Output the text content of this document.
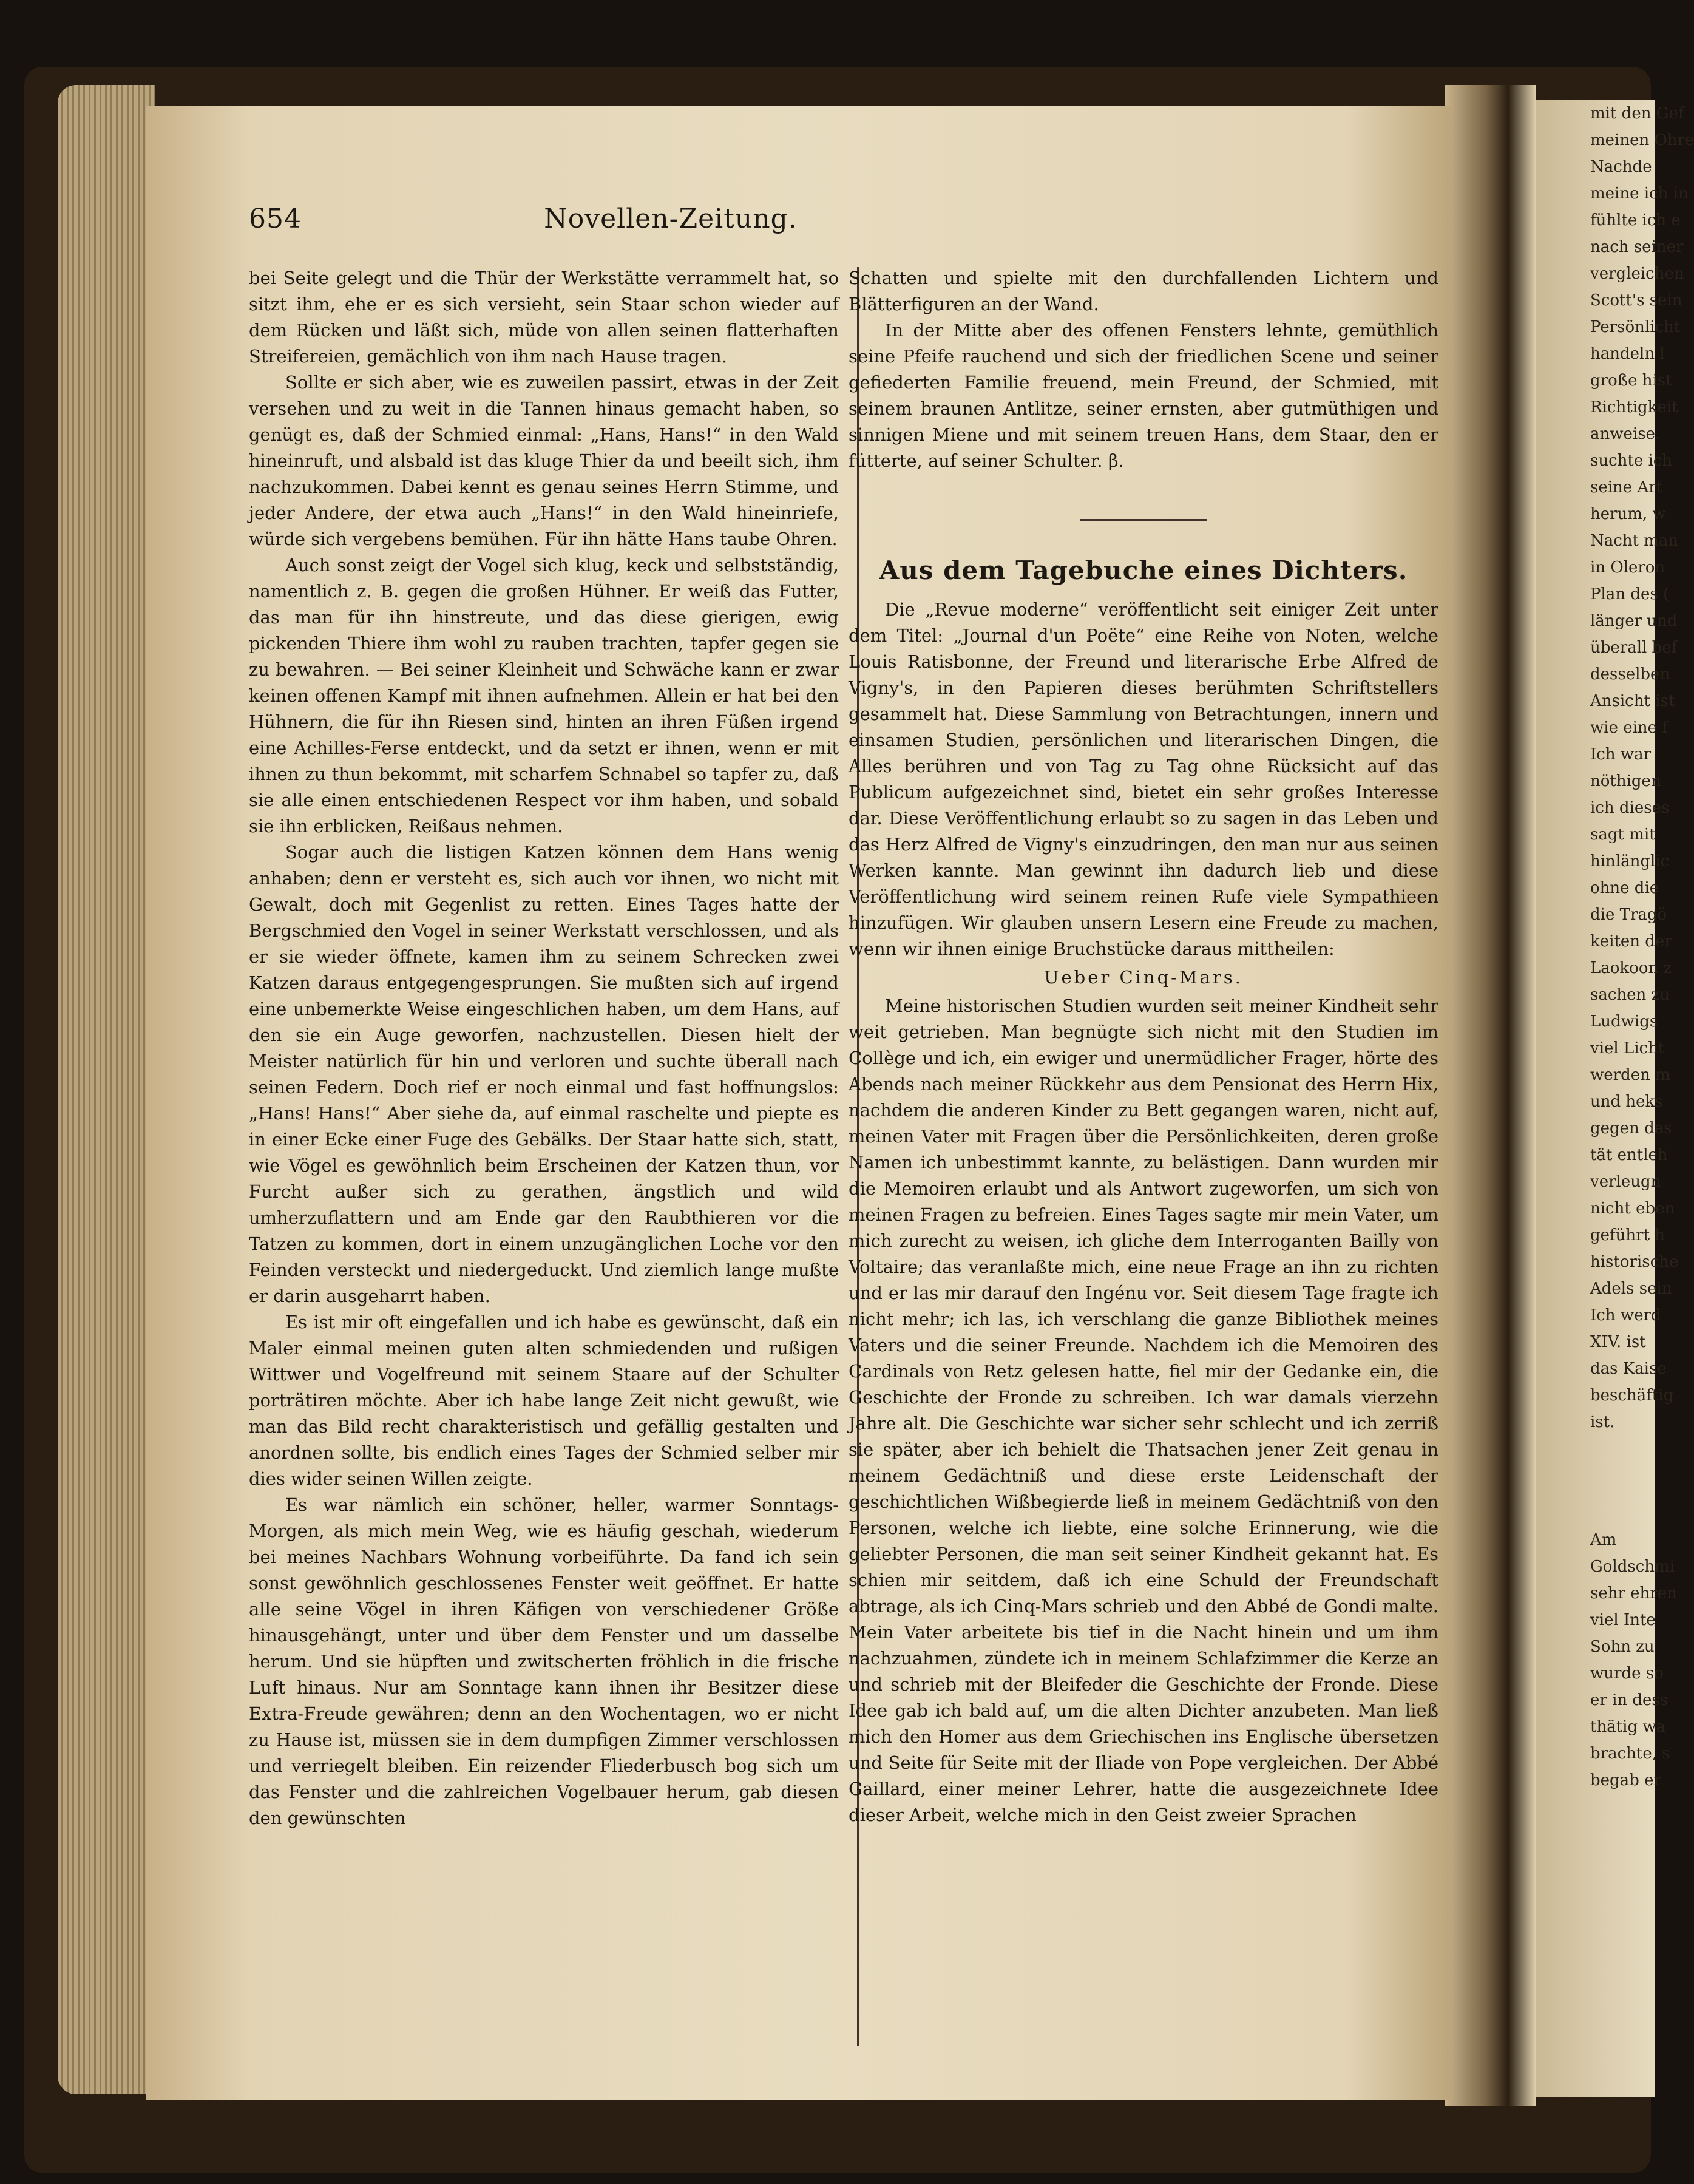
mit den Gef
meinen Ohre
Nachde
meine ich in
fühlte ich e
nach seiner
vergleichen
Scott's sein
Persönlicht
handeln l
große hist
Richtigkeit
anweise.
suchte ich
seine Art
herum, w
Nacht man
in Oleron
Plan des (
länger und
überall bef
desselben
Ansicht ist
wie eine f
Ich war
nöthigen
ich dieses
sagt mit
hinlänglic
ohne die
die Tragö
keiten der
Laokoon z
sachen zu
Ludwigs
viel Licht
werden m
und heks
gegen das
tät entleh
verleugn
nicht eben
geführt h
historische
Adels sein
Ich werd
XIV. ist
das Kaise
beschäftig
ist.
Am
Goldschmi
sehr ehren
viel Inte
Sohn zu
wurde so
er in dess
thätig wa
brachte, s
begab er
654	Novellen-Zeitung.

bei Seite gelegt und die Thür der Werkstätte verrammelt hat, so sitzt ihm, ehe er es sich versieht, sein Staar schon wieder auf dem Rücken und läßt sich, müde von allen seinen flatterhaften Streifereien, gemächlich von ihm nach Hause tragen.

Sollte er sich aber, wie es zuweilen passirt, etwas in der Zeit versehen und zu weit in die Tannen hinaus gemacht haben, so genügt es, daß der Schmied einmal: „Hans, Hans!“ in den Wald hineinruft, und alsbald ist das kluge Thier da und beeilt sich, ihm nachzukommen. Dabei kennt es genau seines Herrn Stimme, und jeder Andere, der etwa auch „Hans!“ in den Wald hineinriefe, würde sich vergebens bemühen. Für ihn hätte Hans taube Ohren.

Auch sonst zeigt der Vogel sich klug, keck und selbstständig, namentlich z. B. gegen die großen Hühner. Er weiß das Futter, das man für ihn hinstreute, und das diese gierigen, ewig pickenden Thiere ihm wohl zu rauben trachten, tapfer gegen sie zu bewahren. — Bei seiner Kleinheit und Schwäche kann er zwar keinen offenen Kampf mit ihnen aufnehmen. Allein er hat bei den Hühnern, die für ihn Riesen sind, hinten an ihren Füßen irgend eine Achilles-Ferse entdeckt, und da setzt er ihnen, wenn er mit ihnen zu thun bekommt, mit scharfem Schnabel so tapfer zu, daß sie alle einen entschiedenen Respect vor ihm haben, und sobald sie ihn erblicken, Reißaus nehmen.

Sogar auch die listigen Katzen können dem Hans wenig anhaben; denn er versteht es, sich auch vor ihnen, wo nicht mit Gewalt, doch mit Gegenlist zu retten. Eines Tages hatte der Bergschmied den Vogel in seiner Werkstatt verschlossen, und als er sie wieder öffnete, kamen ihm zu seinem Schrecken zwei Katzen daraus entgegengesprungen. Sie mußten sich auf irgend eine unbemerkte Weise eingeschlichen haben, um dem Hans, auf den sie ein Auge geworfen, nachzustellen. Diesen hielt der Meister natürlich für hin und verloren und suchte überall nach seinen Federn. Doch rief er noch einmal und fast hoffnungslos: „Hans! Hans!“ Aber siehe da, auf einmal raschelte und piepte es in einer Ecke einer Fuge des Gebälks. Der Staar hatte sich, statt, wie Vögel es gewöhnlich beim Erscheinen der Katzen thun, vor Furcht außer sich zu gerathen, ängstlich und wild umherzuflattern und am Ende gar den Raubthieren vor die Tatzen zu kommen, dort in einem unzugänglichen Loche vor den Feinden versteckt und niedergeduckt. Und ziemlich lange mußte er darin ausgeharrt haben.

Es ist mir oft eingefallen und ich habe es gewünscht, daß ein Maler einmal meinen guten alten schmiedenden und rußigen Wittwer und Vogelfreund mit seinem Staare auf der Schulter porträtiren möchte. Aber ich habe lange Zeit nicht gewußt, wie man das Bild recht charakteristisch und gefällig gestalten und anordnen sollte, bis endlich eines Tages der Schmied selber mir dies wider seinen Willen zeigte.

Es war nämlich ein schöner, heller, warmer Sonntags-Morgen, als mich mein Weg, wie es häufig geschah, wiederum bei meines Nachbars Wohnung vorbeiführte. Da fand ich sein sonst gewöhnlich geschlossenes Fenster weit geöffnet. Er hatte alle seine Vögel in ihren Käfigen von verschiedener Größe hinausgehängt, unter und über dem Fenster und um dasselbe herum. Und sie hüpften und zwitscherten fröhlich in die frische Luft hinaus. Nur am Sonntage kann ihnen ihr Besitzer diese Extra-Freude gewähren; denn an den Wochentagen, wo er nicht zu Hause ist, müssen sie in dem dumpfigen Zimmer verschlossen und verriegelt bleiben. Ein reizender Fliederbusch bog sich um das Fenster und die zahlreichen Vogelbauer herum, gab diesen den gewünschten

Schatten und spielte mit den durchfallenden Lichtern und Blätterfiguren an der Wand.

In der Mitte aber des offenen Fensters lehnte, gemüthlich seine Pfeife rauchend und sich der friedlichen Scene und seiner gefiederten Familie freuend, mein Freund, der Schmied, mit seinem braunen Antlitze, seiner ernsten, aber gutmüthigen und sinnigen Miene und mit seinem treuen Hans, dem Staar, den er fütterte, auf seiner Schulter. β.

Aus dem Tagebuche eines Dichters.

Die „Revue moderne“ veröffentlicht seit einiger Zeit unter dem Titel: „Journal d'un Poëte“ eine Reihe von Noten, welche Louis Ratisbonne, der Freund und literarische Erbe Alfred de Vigny's, in den Papieren dieses berühmten Schriftstellers gesammelt hat. Diese Sammlung von Betrachtungen, innern und einsamen Studien, persönlichen und literarischen Dingen, die Alles berühren und von Tag zu Tag ohne Rücksicht auf das Publicum aufgezeichnet sind, bietet ein sehr großes Interesse dar. Diese Veröffentlichung erlaubt so zu sagen in das Leben und das Herz Alfred de Vigny's einzudringen, den man nur aus seinen Werken kannte. Man gewinnt ihn dadurch lieb und diese Veröffentlichung wird seinem reinen Rufe viele Sympathieen hinzufügen. Wir glauben unsern Lesern eine Freude zu machen, wenn wir ihnen einige Bruchstücke daraus mittheilen:

Ueber Cinq-Mars.

Meine historischen Studien wurden seit meiner Kindheit sehr weit getrieben. Man begnügte sich nicht mit den Studien im Collège und ich, ein ewiger und unermüdlicher Frager, hörte des Abends nach meiner Rückkehr aus dem Pensionat des Herrn Hix, nachdem die anderen Kinder zu Bett gegangen waren, nicht auf, meinen Vater mit Fragen über die Persönlichkeiten, deren große Namen ich unbestimmt kannte, zu belästigen. Dann wurden mir die Memoiren erlaubt und als Antwort zugeworfen, um sich von meinen Fragen zu befreien. Eines Tages sagte mir mein Vater, um mich zurecht zu weisen, ich gliche dem Interroganten Bailly von Voltaire; das veranlaßte mich, eine neue Frage an ihn zu richten und er las mir darauf den Ingénu vor. Seit diesem Tage fragte ich nicht mehr; ich las, ich verschlang die ganze Bibliothek meines Vaters und die seiner Freunde. Nachdem ich die Memoiren des Cardinals von Retz gelesen hatte, fiel mir der Gedanke ein, die Geschichte der Fronde zu schreiben. Ich war damals vierzehn Jahre alt. Die Geschichte war sicher sehr schlecht und ich zerriß sie später, aber ich behielt die Thatsachen jener Zeit genau in meinem Gedächtniß und diese erste Leidenschaft der geschichtlichen Wißbegierde ließ in meinem Gedächtniß von den Personen, welche ich liebte, eine solche Erinnerung, wie die geliebter Personen, die man seit seiner Kindheit gekannt hat. Es schien mir seitdem, daß ich eine Schuld der Freundschaft abtrage, als ich Cinq-Mars schrieb und den Abbé de Gondi malte. Mein Vater arbeitete bis tief in die Nacht hinein und um ihm nachzuahmen, zündete ich in meinem Schlafzimmer die Kerze an und schrieb mit der Bleifeder die Geschichte der Fronde. Diese Idee gab ich bald auf, um die alten Dichter anzubeten. Man ließ mich den Homer aus dem Griechischen ins Englische übersetzen und Seite für Seite mit der Iliade von Pope vergleichen. Der Abbé Gaillard, einer meiner Lehrer, hatte die ausgezeichnete Idee dieser Arbeit, welche mich in den Geist zweier Sprachen
